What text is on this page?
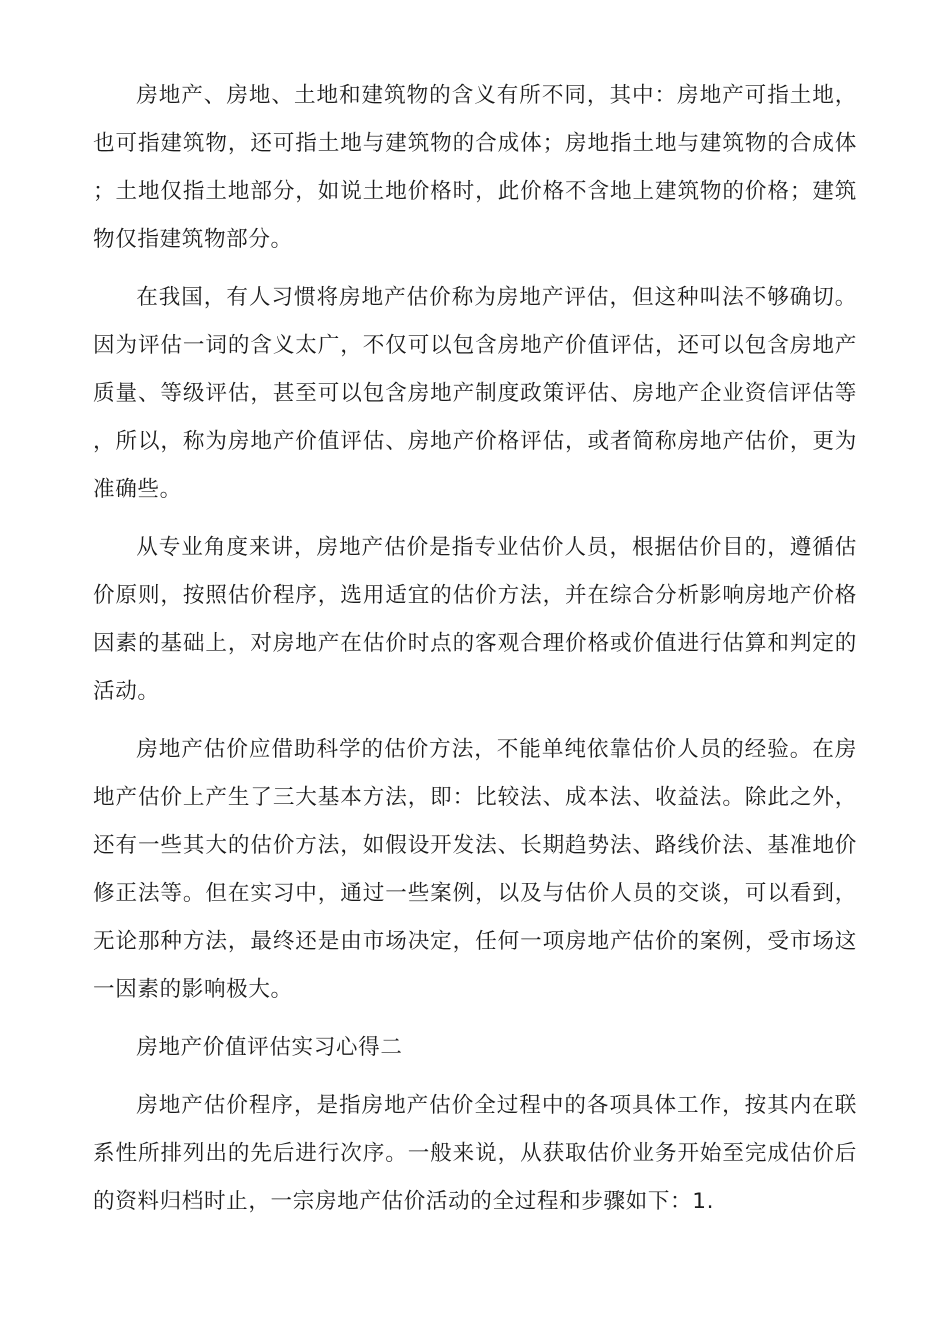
房地产、房地、土地和建筑物的含义有所不同，其中：房地产可指土地，也可指建筑物，还可指土地与建筑物的合成体；房地指土地与建筑物的合成体；土地仅指土地部分，如说土地价格时，此价格不含地上建筑物的价格；建筑物仅指建筑物部分。

在我国，有人习惯将房地产估价称为房地产评估，但这种叫法不够确切。因为评估一词的含义太广，不仅可以包含房地产价值评估，还可以包含房地产质量、等级评估，甚至可以包含房地产制度政策评估、房地产企业资信评估等，所以，称为房地产价值评估、房地产价格评估，或者简称房地产估价，更为准确些。

从专业角度来讲，房地产估价是指专业估价人员，根据估价目的，遵循估价原则，按照估价程序，选用适宜的估价方法，并在综合分析影响房地产价格因素的基础上，对房地产在估价时点的客观合理价格或价值进行估算和判定的活动。

房地产估价应借助科学的估价方法，不能单纯依靠估价人员的经验。在房地产估价上产生了三大基本方法，即：比较法、成本法、收益法。除此之外，还有一些其大的估价方法，如假设开发法、长期趋势法、路线价法、基准地价修正法等。但在实习中，通过一些案例，以及与估价人员的交谈，可以看到，无论那种方法，最终还是由市场决定，任何一项房地产估价的案例，受市场这一因素的影响极大。

房地产价值评估实习心得二

房地产估价程序，是指房地产估价全过程中的各项具体工作，按其内在联系性所排列出的先后进行次序。一般来说，从获取估价业务开始至完成估价后的资料归档时止，一宗房地产估价活动的全过程和步骤如下：1.
